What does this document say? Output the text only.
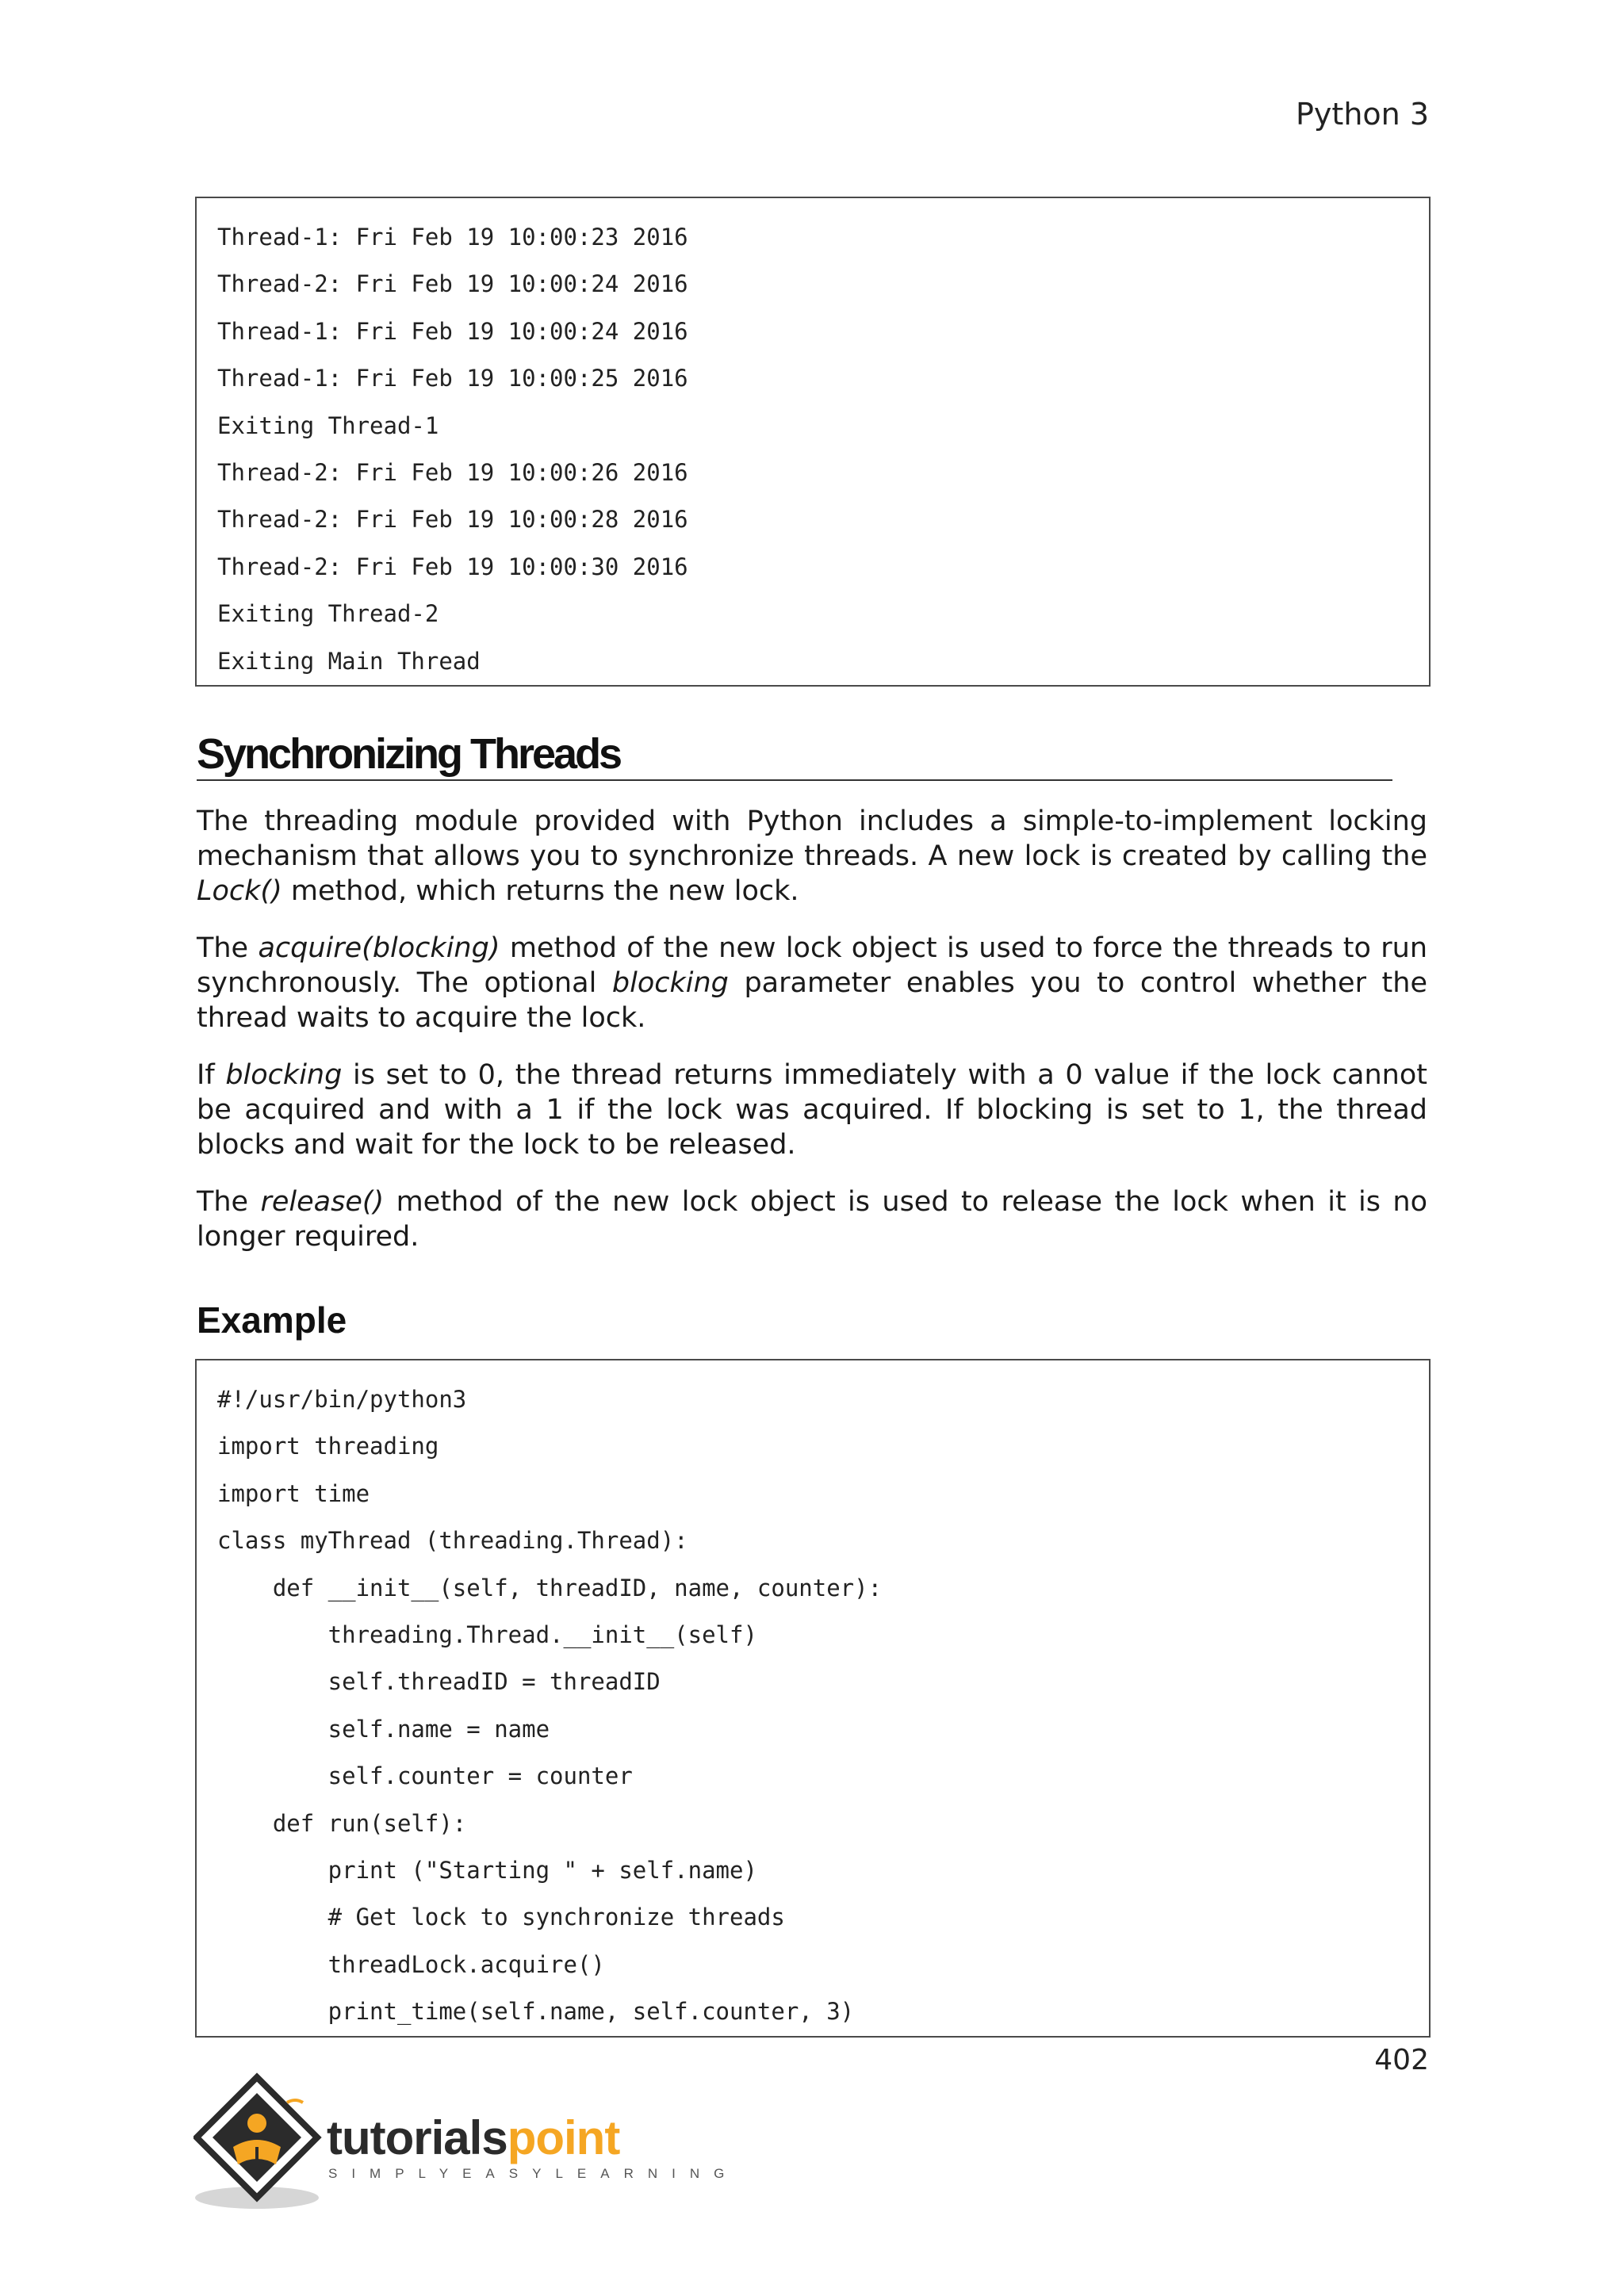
Python 3
Thread-1: Fri Feb 19 10:00:23 2016
Thread-2: Fri Feb 19 10:00:24 2016
Thread-1: Fri Feb 19 10:00:24 2016
Thread-1: Fri Feb 19 10:00:25 2016
Exiting Thread-1
Thread-2: Fri Feb 19 10:00:26 2016
Thread-2: Fri Feb 19 10:00:28 2016
Thread-2: Fri Feb 19 10:00:30 2016
Exiting Thread-2
Exiting Main Thread
Synchronizing Threads

The threading module provided with Python includes a simple-to-implement locking mechanism that allows you to synchronize threads. A new lock is created by calling the Lock() method, which returns the new lock.

The acquire(blocking) method of the new lock object is used to force the threads to run synchronously. The optional blocking parameter enables you to control whether the thread waits to acquire the lock.

If blocking is set to 0, the thread returns immediately with a 0 value if the lock cannot be acquired and with a 1 if the lock was acquired. If blocking is set to 1, the thread blocks and wait for the lock to be released.

The release() method of the new lock object is used to release the lock when it is no longer required.

Example
#!/usr/bin/python3
import threading
import time
class myThread (threading.Thread):
def __init__(self, threadID, name, counter):
threading.Thread.__init__(self)
self.threadID = threadID
self.name = name
self.counter = counter
def run(self):
print ("Starting " + self.name)
# Get lock to synchronize threads
threadLock.acquire()
print_time(self.name, self.counter, 3)
402
tutorialspoint
SIMPLYEASYLEARNING
